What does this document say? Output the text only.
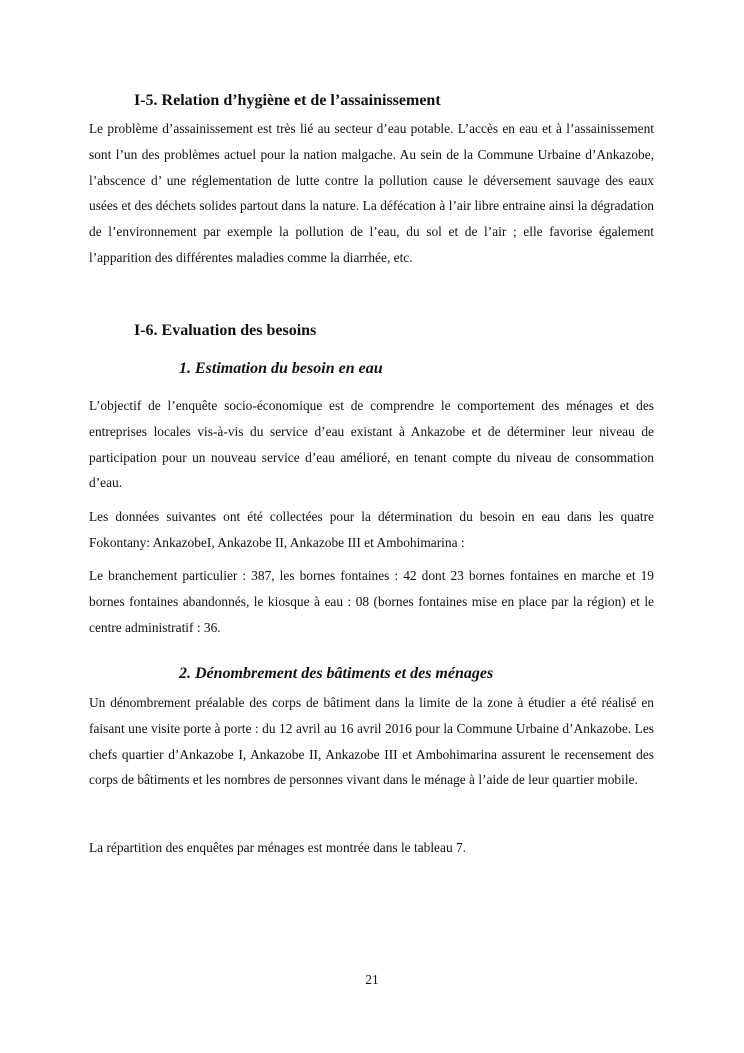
I-5. Relation d’hygiène et de l’assainissement
Le problème d’assainissement est très lié au secteur d’eau potable. L’accès en eau et à l’assainissement sont l’un des problèmes actuel pour la nation malgache. Au sein de la Commune Urbaine d’Ankazobe, l’abscence d’ une réglementation de lutte contre la pollution cause le déversement sauvage des eaux usées et des déchets solides partout dans la nature. La défécation à l’air libre entraine ainsi la dégradation de l’environnement par exemple la pollution de l’eau, du sol et de l’air ; elle favorise également l’apparition des différentes maladies comme la diarrhée, etc.
I-6. Evaluation des besoins
1. Estimation du besoin en eau
L’objectif de l’enquête socio-économique est de comprendre le comportement des ménages et des entreprises locales vis-à-vis du service d’eau existant à Ankazobe et de déterminer leur niveau de participation pour un nouveau service d’eau amélioré, en tenant compte du niveau de consommation d’eau.
Les données suivantes ont été collectées pour la détermination du besoin en eau dans les quatre Fokontany: AnkazobeI, Ankazobe II, Ankazobe III et Ambohimarina :
Le branchement particulier : 387, les bornes fontaines : 42 dont 23 bornes fontaines en marche et 19 bornes fontaines abandonnés, le kiosque à eau : 08 (bornes fontaines mise en place par la région) et le centre administratif : 36.
2. Dénombrement des bâtiments et des ménages
Un dénombrement préalable des corps de bâtiment dans la limite de la zone à étudier a été réalisé en faisant une visite porte à porte : du 12 avril au 16 avril 2016 pour la Commune Urbaine d’Ankazobe. Les chefs quartier d’Ankazobe I, Ankazobe II, Ankazobe III et Ambohimarina assurent le recensement des corps de bâtiments et les nombres de personnes vivant dans le ménage à l’aide de leur quartier mobile.
La répartition des enquêtes par ménages est montrée dans le tableau 7.
21
